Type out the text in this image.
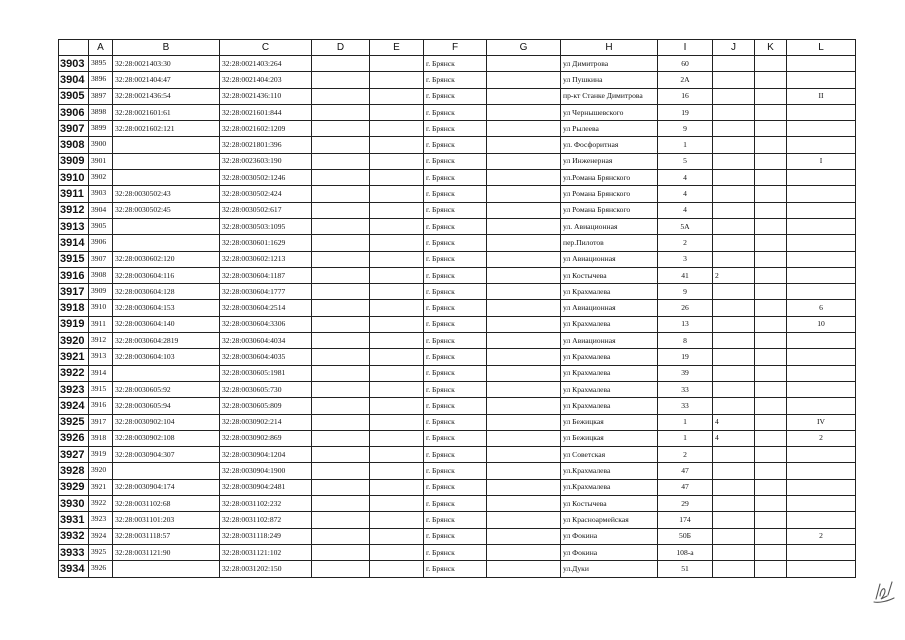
	A	B	C	D	E	F	G	H	I	J	K	L
3903	3895	32:28:0021403:30	32:28:0021403:264			г. Брянск		ул Димитрова	60			
3904	3896	32:28:0021404:47	32:28:0021404:203			г. Брянск		ул Пушкина	2А			
3905	3897	32:28:0021436:54	32:28:0021436:110			г. Брянск		пр-кт Станке Димитрова	16			II
3906	3898	32:28:0021601:61	32:28:0021601:844			г. Брянск		ул Чернышевского	19			
3907	3899	32:28:0021602:121	32:28:0021602:1209			г. Брянск		ул Рылеева	9			
3908	3900		32:28:0021801:396			г. Брянск		ул. Фосфоритная	1			
3909	3901		32:28:0023603:190			г. Брянск		ул Инженерная	5			I
3910	3902		32:28:0030502:1246			г. Брянск		ул.Романа Брянского	4			
3911	3903	32:28:0030502:43	32:28:0030502:424			г. Брянск		ул Романа Брянского	4			
3912	3904	32:28:0030502:45	32:28:0030502:617			г. Брянск		ул Романа Брянского	4			
3913	3905		32:28:0030503:1095			г. Брянск		ул. Авиационная	5А			
3914	3906		32:28:0030601:1629			г. Брянск		пер.Пилотов	2			
3915	3907	32:28:0030602:120	32:28:0030602:1213			г. Брянск		ул Авиационная	3			
3916	3908	32:28:0030604:116	32:28:0030604:1187			г. Брянск		ул Костычева	41	2		
3917	3909	32:28:0030604:128	32:28:0030604:1777			г. Брянск		ул Крахмалева	9			
3918	3910	32:28:0030604:153	32:28:0030604:2514			г. Брянск		ул Авиационная	26			6
3919	3911	32:28:0030604:140	32:28:0030604:3306			г. Брянск		ул Крахмалева	13			10
3920	3912	32:28:0030604:2819	32:28:0030604:4034			г. Брянск		ул Авиационная	8			
3921	3913	32:28:0030604:103	32:28:0030604:4035			г. Брянск		ул Крахмалева	19			
3922	3914		32:28:0030605:1981			г. Брянск		ул Крахмалева	39			
3923	3915	32:28:0030605:92	32:28:0030605:730			г. Брянск		ул Крахмалева	33			
3924	3916	32:28:0030605:94	32:28:0030605:809			г. Брянск		ул Крахмалева	33			
3925	3917	32:28:0030902:104	32:28:0030902:214			г. Брянск		ул Бежицкая	1	4		IV
3926	3918	32:28:0030902:108	32:28:0030902:869			г. Брянск		ул Бежицкая	1	4		2
3927	3919	32:28:0030904:307	32:28:0030904:1204			г. Брянск		ул Советская	2			
3928	3920		32:28:0030904:1900			г. Брянск		ул.Крахмалева	47			
3929	3921	32:28:0030904:174	32:28:0030904:2481			г. Брянск		ул.Крахмалева	47			
3930	3922	32:28:0031102:68	32:28:0031102:232			г. Брянск		ул Костычева	29			
3931	3923	32:28:0031101:203	32:28:0031102:872			г. Брянск		ул Красноармейская	174			
3932	3924	32:28:0031118:57	32:28:0031118:249			г. Брянск		ул Фокина	50Б			2
3933	3925	32:28:0031121:90	32:28:0031121:102			г. Брянск		ул Фокина	108-а			
3934	3926		32:28:0031202:150			г. Брянск		ул.Дуки	51			
